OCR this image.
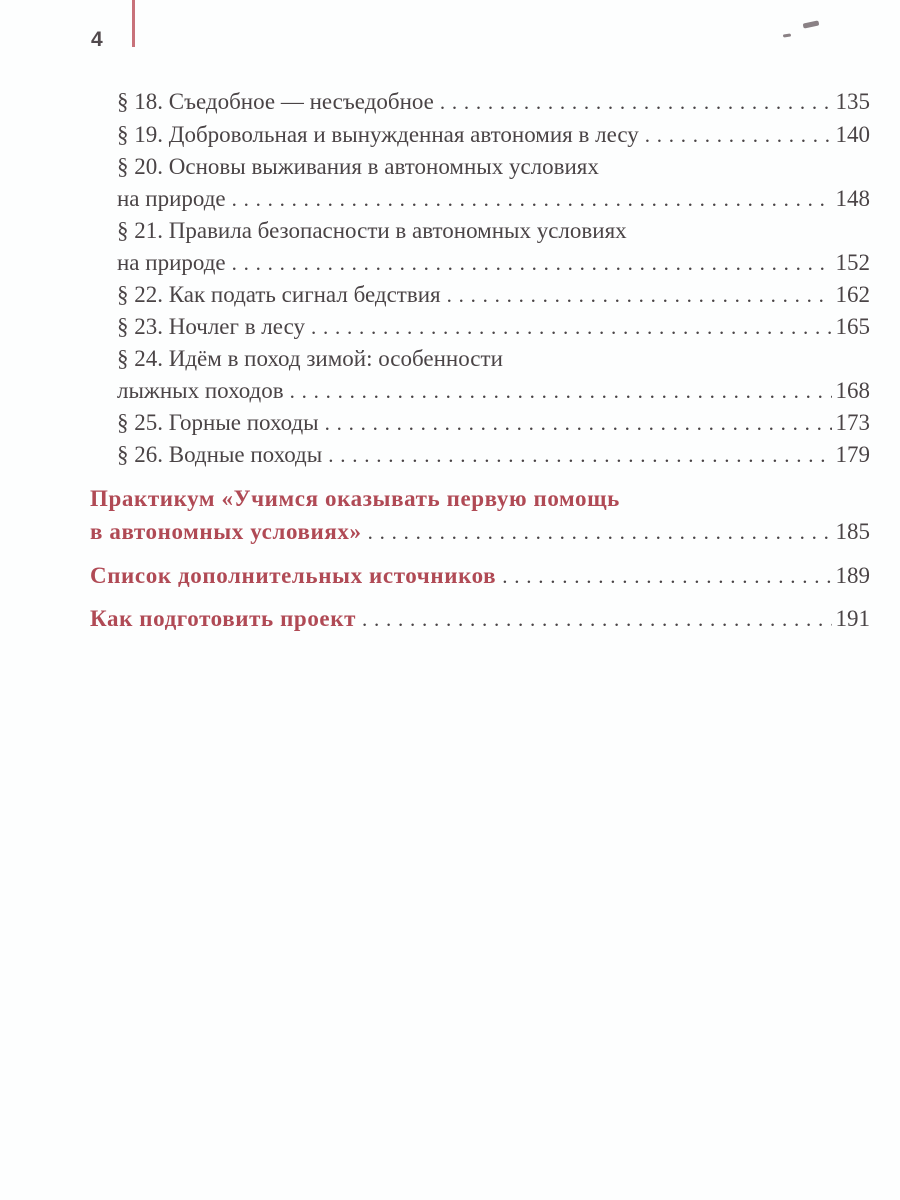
4
§ 18. Съедобное — несъедобное . . .	135
§ 19. Добровольная и вынужденная автономия в лесу . . .	140
§ 20. Основы выживания в автономных условиях
на природе . . .	148
§ 21. Правила безопасности в автономных условиях
на природе . . .	152
§ 22. Как подать сигнал бедствия . . .	162
§ 23. Ночлег в лесу . . .	165
§ 24. Идём в поход зимой: особенности
лыжных походов . . .	168
§ 25. Горные походы . . .	173
§ 26. Водные походы . . .	179
Практикум «Учимся оказывать первую помощь
в автономных условиях» . . .	185
Список дополнительных источников . . .	189
Как подготовить проект . . .	191
